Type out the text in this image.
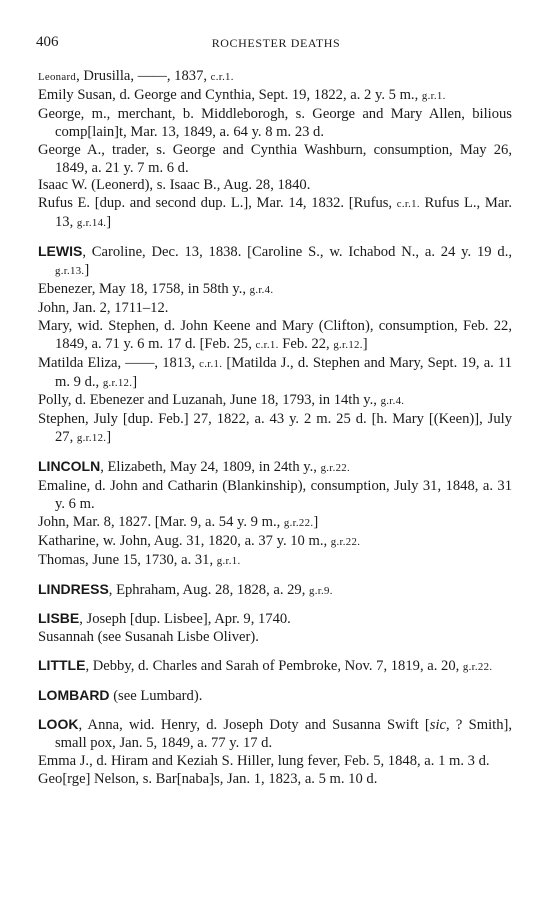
406	ROCHESTER DEATHS
Leonard, Drusilla, ——, 1837, c.r.1.
Emily Susan, d. George and Cynthia, Sept. 19, 1822, a. 2 y. 5 m., g.r.1.
George, m., merchant, b. Middleborogh, s. George and Mary Allen, bilious comp[lain]t, Mar. 13, 1849, a. 64 y. 8 m. 23 d.
George A., trader, s. George and Cynthia Washburn, consumption, May 26, 1849, a. 21 y. 7 m. 6 d.
Isaac W. (Leonerd), s. Isaac B., Aug. 28, 1840.
Rufus E. [dup. and second dup. L.], Mar. 14, 1832. [Rufus, c.r.1. Rufus L., Mar. 13, g.r.14.]
LEWIS, Caroline, Dec. 13, 1838. [Caroline S., w. Ichabod N., a. 24 y. 19 d., g.r.13.]
Ebenezer, May 18, 1758, in 58th y., g.r.4.
John, Jan. 2, 1711–12.
Mary, wid. Stephen, d. John Keene and Mary (Clifton), consumption, Feb. 22, 1849, a. 71 y. 6 m. 17 d. [Feb. 25, c.r.1. Feb. 22, g.r.12.]
Matilda Eliza, ——, 1813, c.r.1. [Matilda J., d. Stephen and Mary, Sept. 19, a. 11 m. 9 d., g.r.12.]
Polly, d. Ebenezer and Luzanah, June 18, 1793, in 14th y., g.r.4.
Stephen, July [dup. Feb.] 27, 1822, a. 43 y. 2 m. 25 d. [h. Mary [(Keen)], July 27, g.r.12.]
LINCOLN, Elizabeth, May 24, 1809, in 24th y., g.r.22.
Emaline, d. John and Catharin (Blankinship), consumption, July 31, 1848, a. 31 y. 6 m.
John, Mar. 8, 1827. [Mar. 9, a. 54 y. 9 m., g.r.22.]
Katharine, w. John, Aug. 31, 1820, a. 37 y. 10 m., g.r.22.
Thomas, June 15, 1730, a. 31, g.r.1.
LINDRESS, Ephraham, Aug. 28, 1828, a. 29, g.r.9.
LISBE, Joseph [dup. Lisbee], Apr. 9, 1740.
Susannah (see Susanah Lisbe Oliver).
LITTLE, Debby, d. Charles and Sarah of Pembroke, Nov. 7, 1819, a. 20, g.r.22.
LOMBARD (see Lumbard).
LOOK, Anna, wid. Henry, d. Joseph Doty and Susanna Swift [sic, ? Smith], small pox, Jan. 5, 1849, a. 77 y. 17 d.
Emma J., d. Hiram and Keziah S. Hiller, lung fever, Feb. 5, 1848, a. 1 m. 3 d.
Geo[rge] Nelson, s. Bar[naba]s, Jan. 1, 1823, a. 5 m. 10 d.
